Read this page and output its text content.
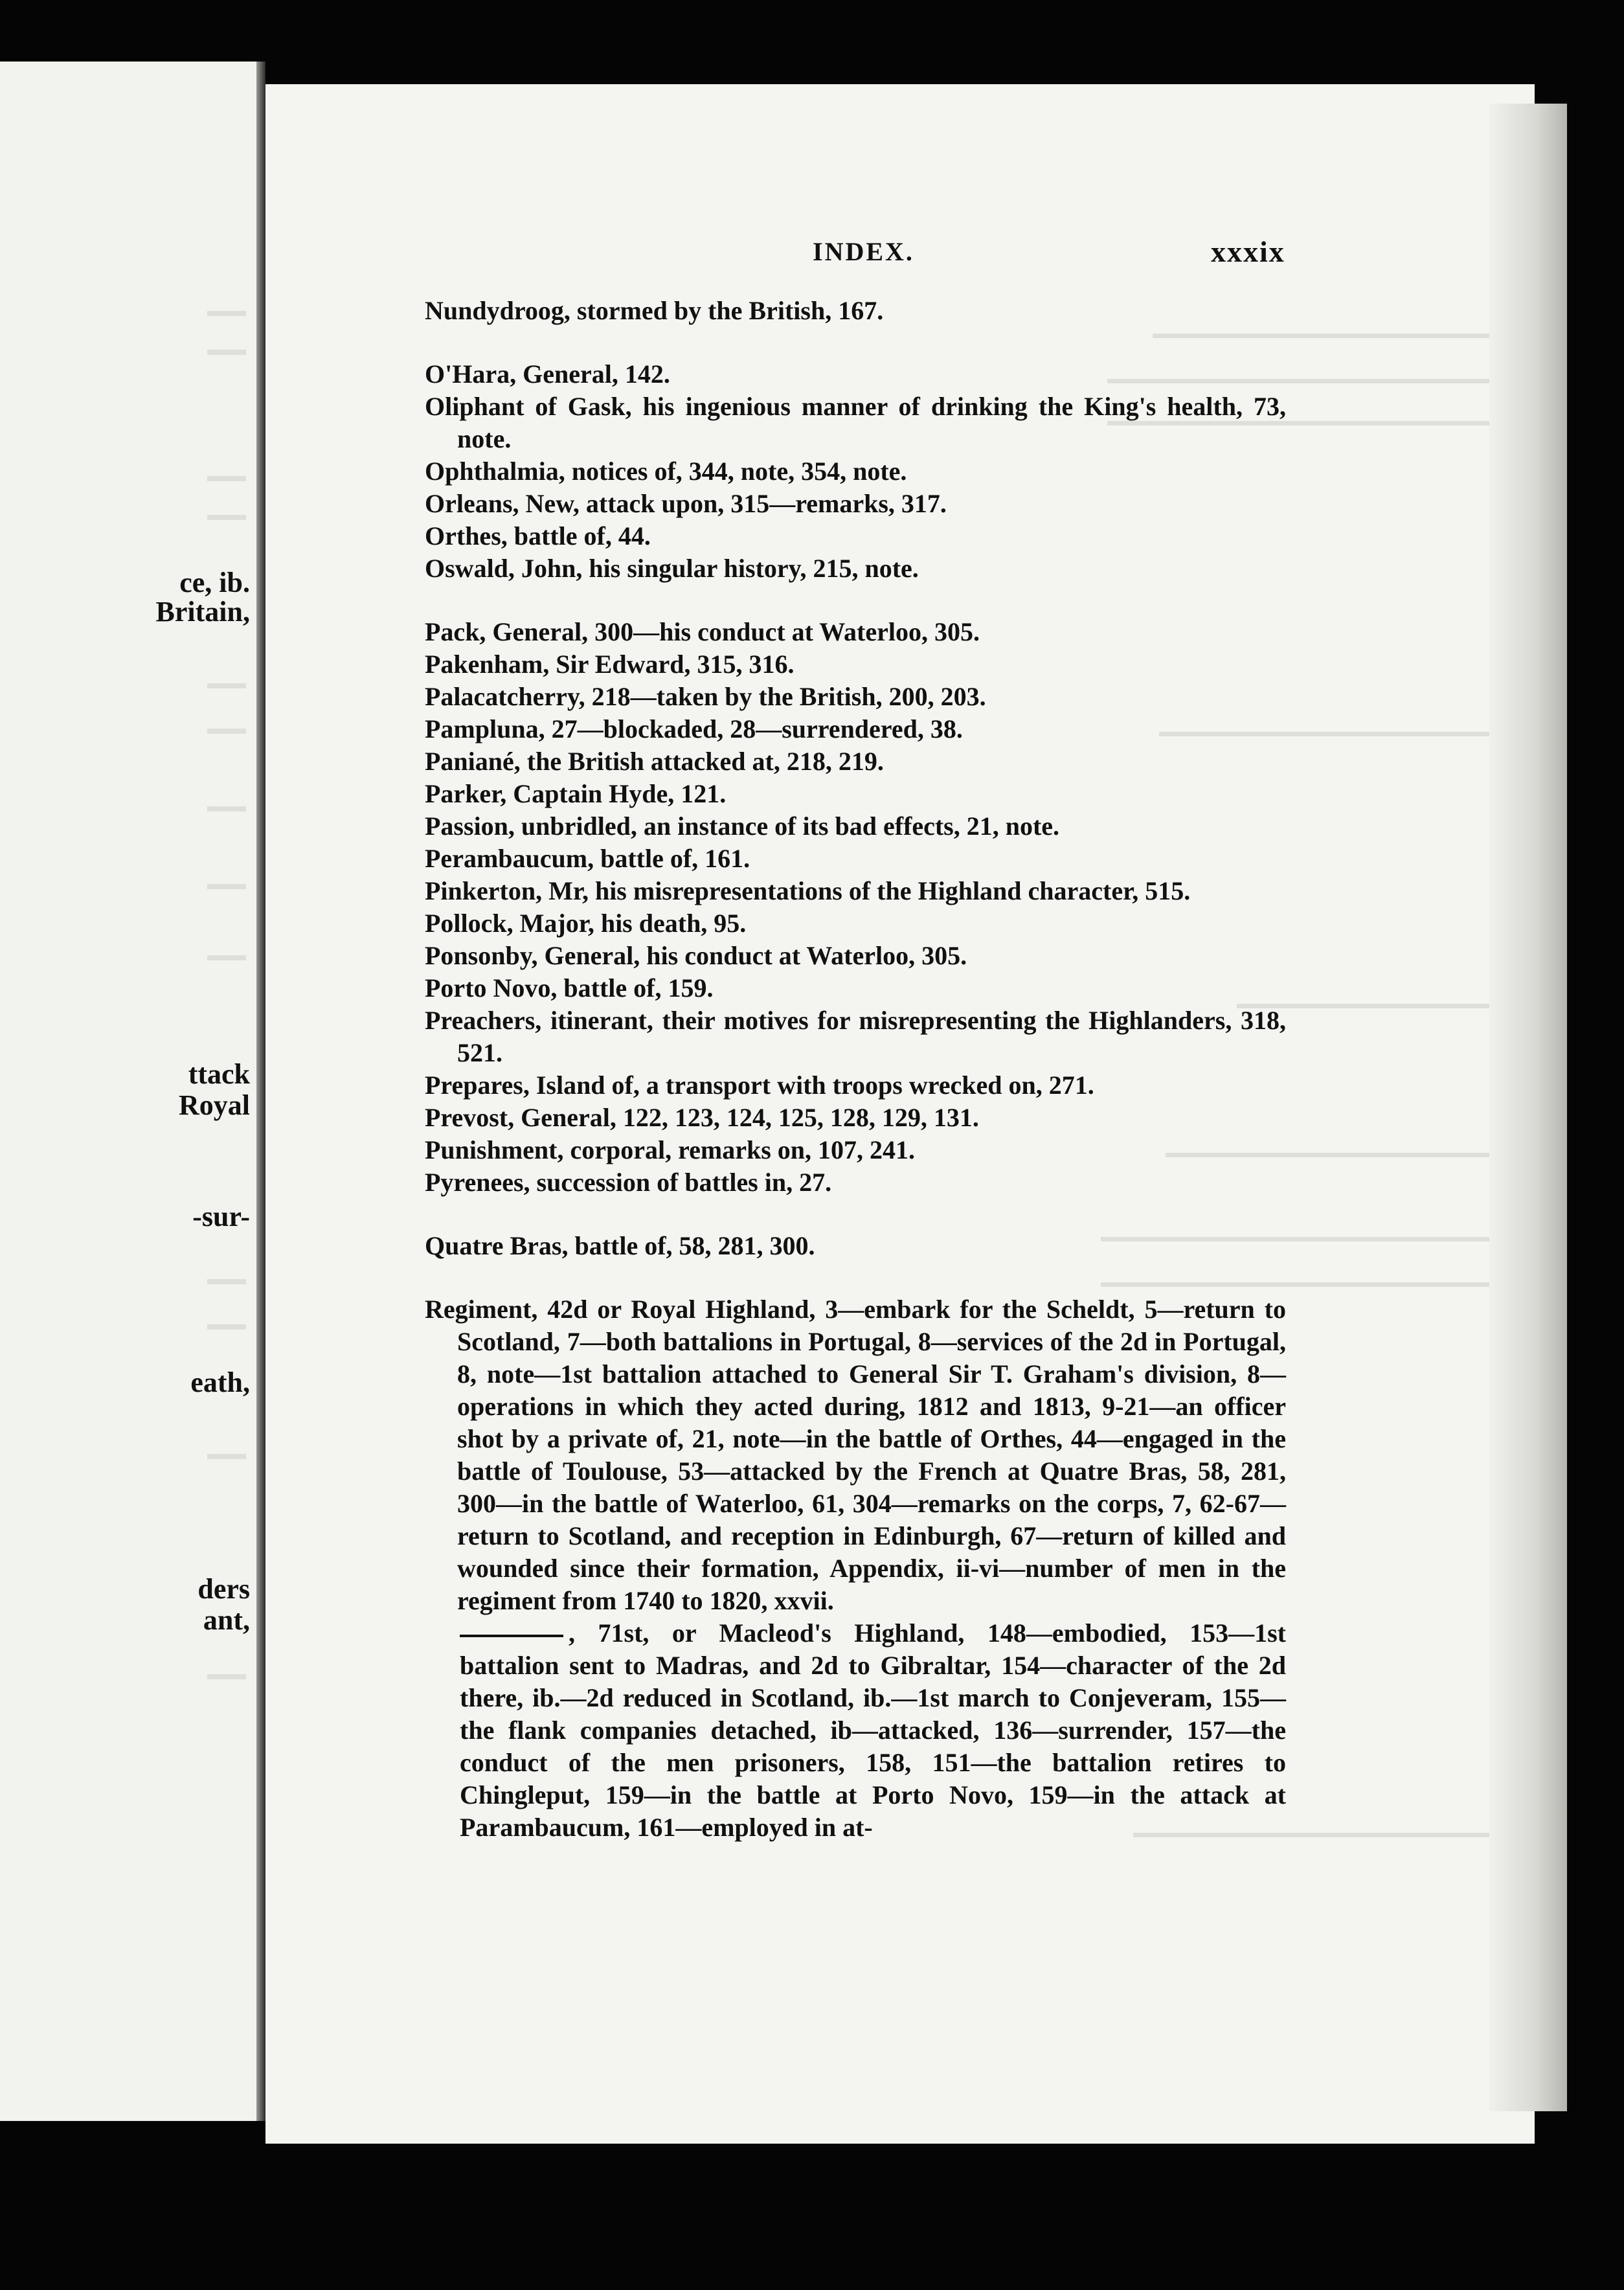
ce, ib.
Britain,
ttack
Royal
-sur-
eath,
ders
ant,
INDEX.	xxxix
Nundydroog, stormed by the British, 167.
O'Hara, General, 142.
Oliphant of Gask, his ingenious manner of drinking the King's health, 73, note.
Ophthalmia, notices of, 344, note, 354, note.
Orleans, New, attack upon, 315—remarks, 317.
Orthes, battle of, 44.
Oswald, John, his singular history, 215, note.
Pack, General, 300—his conduct at Waterloo, 305.
Pakenham, Sir Edward, 315, 316.
Palacatcherry, 218—taken by the British, 200, 203.
Pampluna, 27—blockaded, 28—surrendered, 38.
Paniané, the British attacked at, 218, 219.
Parker, Captain Hyde, 121.
Passion, unbridled, an instance of its bad effects, 21, note.
Perambaucum, battle of, 161.
Pinkerton, Mr, his misrepresentations of the Highland character, 515.
Pollock, Major, his death, 95.
Ponsonby, General, his conduct at Waterloo, 305.
Porto Novo, battle of, 159.
Preachers, itinerant, their motives for misrepresenting the Highlanders, 318, 521.
Prepares, Island of, a transport with troops wrecked on, 271.
Prevost, General, 122, 123, 124, 125, 128, 129, 131.
Punishment, corporal, remarks on, 107, 241.
Pyrenees, succession of battles in, 27.
Quatre Bras, battle of, 58, 281, 300.
Regiment, 42d or Royal Highland, 3—embark for the Scheldt, 5—return to Scotland, 7—both battalions in Portugal, 8—services of the 2d in Portugal, 8, note—1st battalion attached to General Sir T. Graham's division, 8—operations in which they acted during, 1812 and 1813, 9-21—an officer shot by a private of, 21, note—in the battle of Orthes, 44—engaged in the battle of Toulouse, 53—attacked by the French at Quatre Bras, 58, 281, 300—in the battle of Waterloo, 61, 304—remarks on the corps, 7, 62-67—return to Scotland, and reception in Edinburgh, 67—return of killed and wounded since their formation, Appendix, ii-vi—number of men in the regiment from 1740 to 1820, xxvii.
, 71st, or Macleod's Highland, 148—embodied, 153—1st battalion sent to Madras, and 2d to Gibraltar, 154—character of the 2d there, ib.—2d reduced in Scotland, ib.—1st march to Conjeveram, 155—the flank companies detached, ib—attacked, 136—surrender, 157—the conduct of the men prisoners, 158, 151—the battalion retires to Chingleput, 159—in the battle at Porto Novo, 159—in the attack at Parambaucum, 161—employed in at-
